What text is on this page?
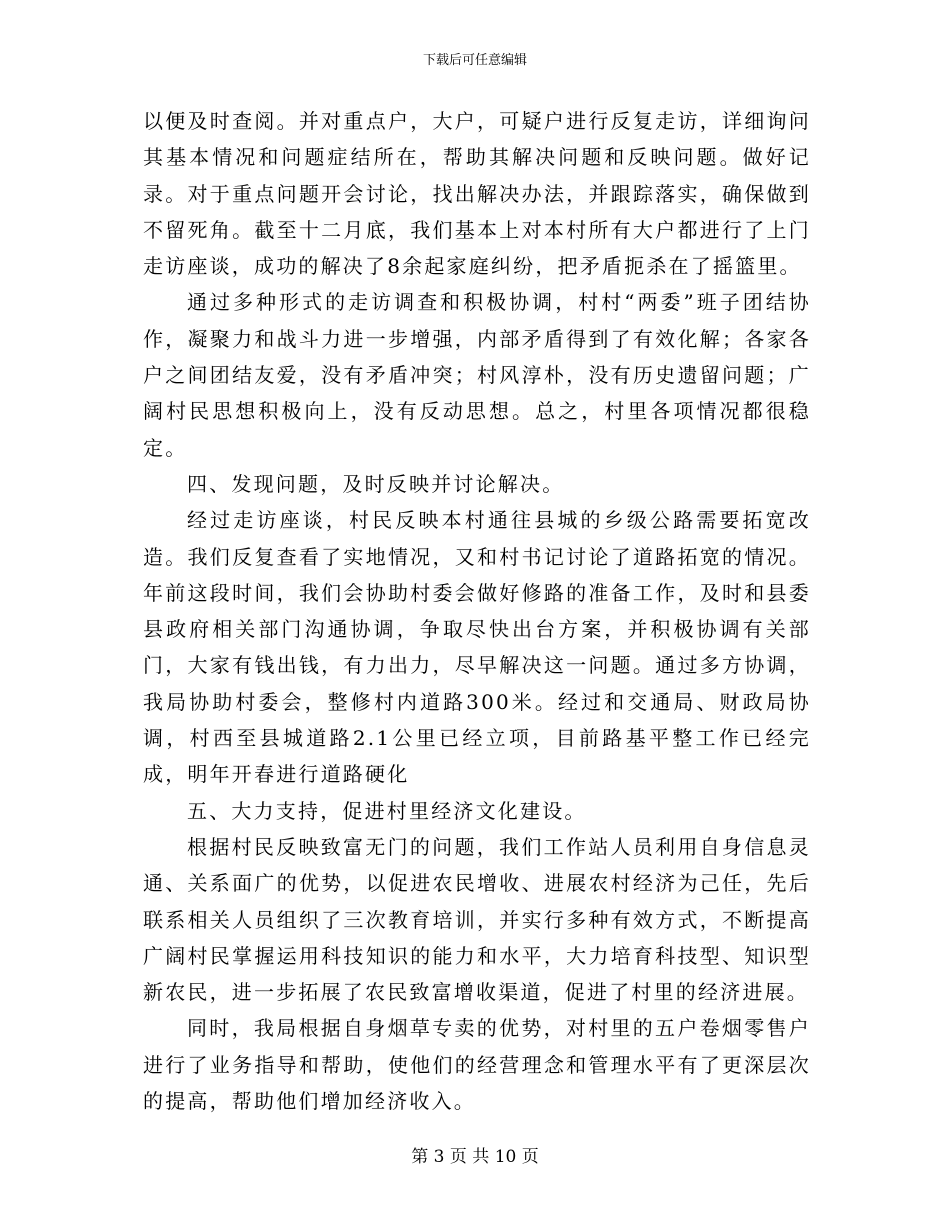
下载后可任意编辑

以便及时查阅。并对重点户，大户，可疑户进行反复走访，详细询问其基本情况和问题症结所在，帮助其解决问题和反映问题。做好记录。对于重点问题开会讨论，找出解决办法，并跟踪落实，确保做到不留死角。截至十二月底，我们基本上对本村所有大户都进行了上门走访座谈，成功的解决了8余起家庭纠纷，把矛盾扼杀在了摇篮里。

通过多种形式的走访调查和积极协调，村村“两委”班子团结协作，凝聚力和战斗力进一步增强，内部矛盾得到了有效化解；各家各户之间团结友爱，没有矛盾冲突；村风淳朴，没有历史遗留问题；广阔村民思想积极向上，没有反动思想。总之，村里各项情况都很稳定。

四、发现问题，及时反映并讨论解决。

经过走访座谈，村民反映本村通往县城的乡级公路需要拓宽改造。我们反复查看了实地情况，又和村书记讨论了道路拓宽的情况。年前这段时间，我们会协助村委会做好修路的准备工作，及时和县委县政府相关部门沟通协调，争取尽快出台方案，并积极协调有关部门，大家有钱出钱，有力出力，尽早解决这一问题。通过多方协调，我局协助村委会，整修村内道路300米。经过和交通局、财政局协调，村西至县城道路2.1公里已经立项，目前路基平整工作已经完成，明年开春进行道路硬化

五、大力支持，促进村里经济文化建设。

根据村民反映致富无门的问题，我们工作站人员利用自身信息灵通、关系面广的优势，以促进农民增收、进展农村经济为己任，先后联系相关人员组织了三次教育培训，并实行多种有效方式，不断提高广阔村民掌握运用科技知识的能力和水平，大力培育科技型、知识型新农民，进一步拓展了农民致富增收渠道，促进了村里的经济进展。

同时，我局根据自身烟草专卖的优势，对村里的五户卷烟零售户进行了业务指导和帮助，使他们的经营理念和管理水平有了更深层次的提高，帮助他们增加经济收入。

第 3 页 共 10 页
